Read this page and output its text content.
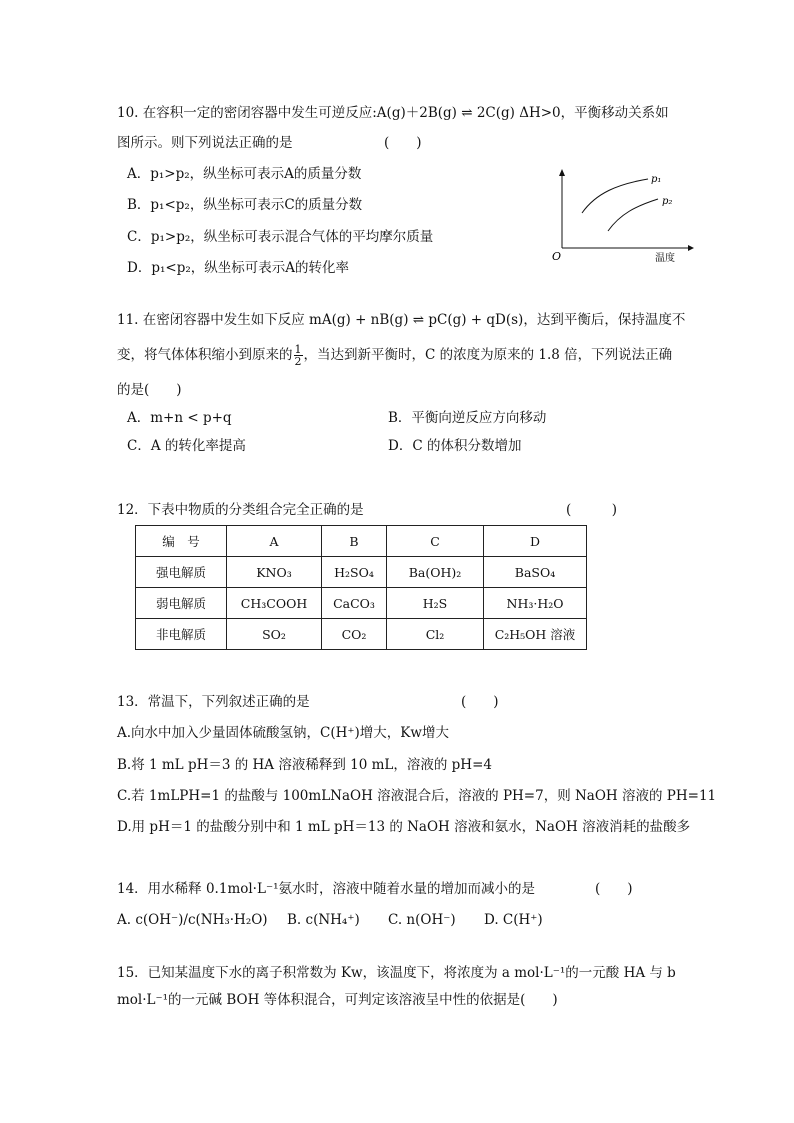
10. 在容积一定的密闭容器中发生可逆反应:A(g)＋2B(g) ⇌ 2C(g) ΔH>0，平衡移动关系如
图所示。则下列说法正确的是	(　　)
A．p₁>p₂，纵坐标可表示A的质量分数
B．p₁<p₂，纵坐标可表示C的质量分数
C．p₁>p₂，纵坐标可表示混合气体的平均摩尔质量
D．p₁<p₂，纵坐标可表示A的转化率
O	温度
p₁
p₂
11. 在密闭容器中发生如下反应 mA(g) + nB(g) ⇌ pC(g) + qD(s)，达到平衡后，保持温度不
变，将气体体积缩小到原来的 $\frac{1}{2}$ ，当达到新平衡时，C 的浓度为原来的 1.8 倍，下列说法正确
的是(　　)
A．m+n < p+q	B．平衡向逆反应方向移动
C．A 的转化率提高	D．C 的体积分数增加
12．下表中物质的分类组合完全正确的是	(　　　)
编　号	A	B	C	D
强电解质	KNO₃	H₂SO₄	Ba(OH)₂	BaSO₄
弱电解质	CH₃COOH	CaCO₃	H₂S	NH₃·H₂O
非电解质	SO₂	CO₂	Cl₂	C₂H₅OH 溶液
13．常温下，下列叙述正确的是	(　　)
A.向水中加入少量固体硫酸氢钠，C(H⁺)增大，Kw增大
B.将 1 mL pH＝3 的 HA 溶液稀释到 10 mL，溶液的 pH=4
C.若 1mLPH=1 的盐酸与 100mLNaOH 溶液混合后，溶液的 PH=7，则 NaOH 溶液的 PH=11
D.用 pH＝1 的盐酸分别中和 1 mL pH＝13 的 NaOH 溶液和氨水，NaOH 溶液消耗的盐酸多
14．用水稀释 0.1mol·L⁻¹氨水时，溶液中随着水量的增加而减小的是	(　　)
A. c(OH⁻)/c(NH₃·H₂O) B. c(NH₄⁺) C. n(OH⁻) D. C(H⁺)
15．已知某温度下水的离子积常数为 Kw，该温度下，将浓度为 a mol·L⁻¹的一元酸 HA 与 b
mol·L⁻¹的一元碱 BOH 等体积混合，可判定该溶液呈中性的依据是(　　)
